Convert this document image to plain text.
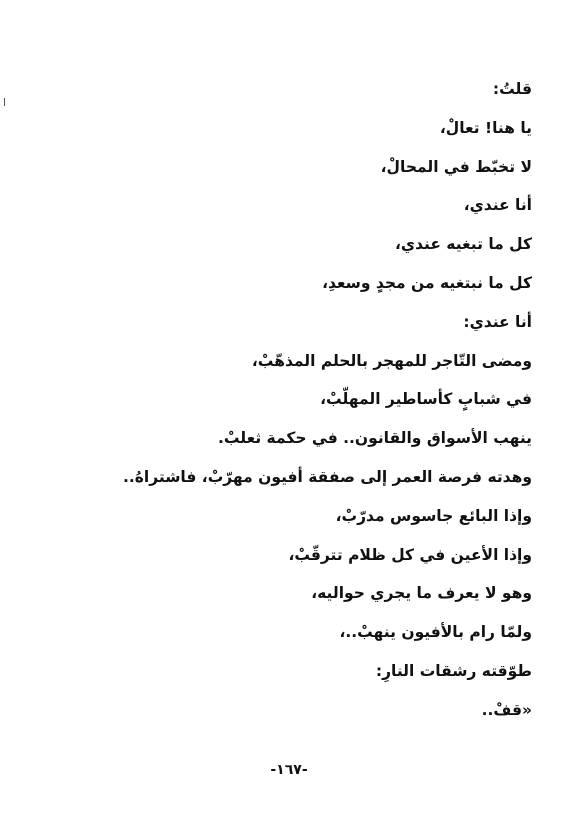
قلتُ:
يا هنا! تعالْ،
لا تخبّط في المحالْ،
أنا عندي،
كل ما تبغيه عندي،
كل ما نبتغيه من مجدٍ وسعدِ،
أنا عندي:
ومضى التّاجر للمهجر بالحلم المذهّبْ،
في شبابٍ كأساطير المهلّبْ،
ينهب الأسواق والقانون.. في حكمة ثعلبْ.
وهدته فرصة العمر إلى صفقة أفيون مهرّبْ، فاشتراهُ..
وإذا البائع جاسوس مدرّبْ،
وإذا الأعين في كل ظلام تترقّبْ،
وهو لا يعرف ما يجري حواليه،
ولمّا رام بالأفيون ينهبْ..،
طوّقته رشقات النارِ:
«قفْ..
-١٦٧-
